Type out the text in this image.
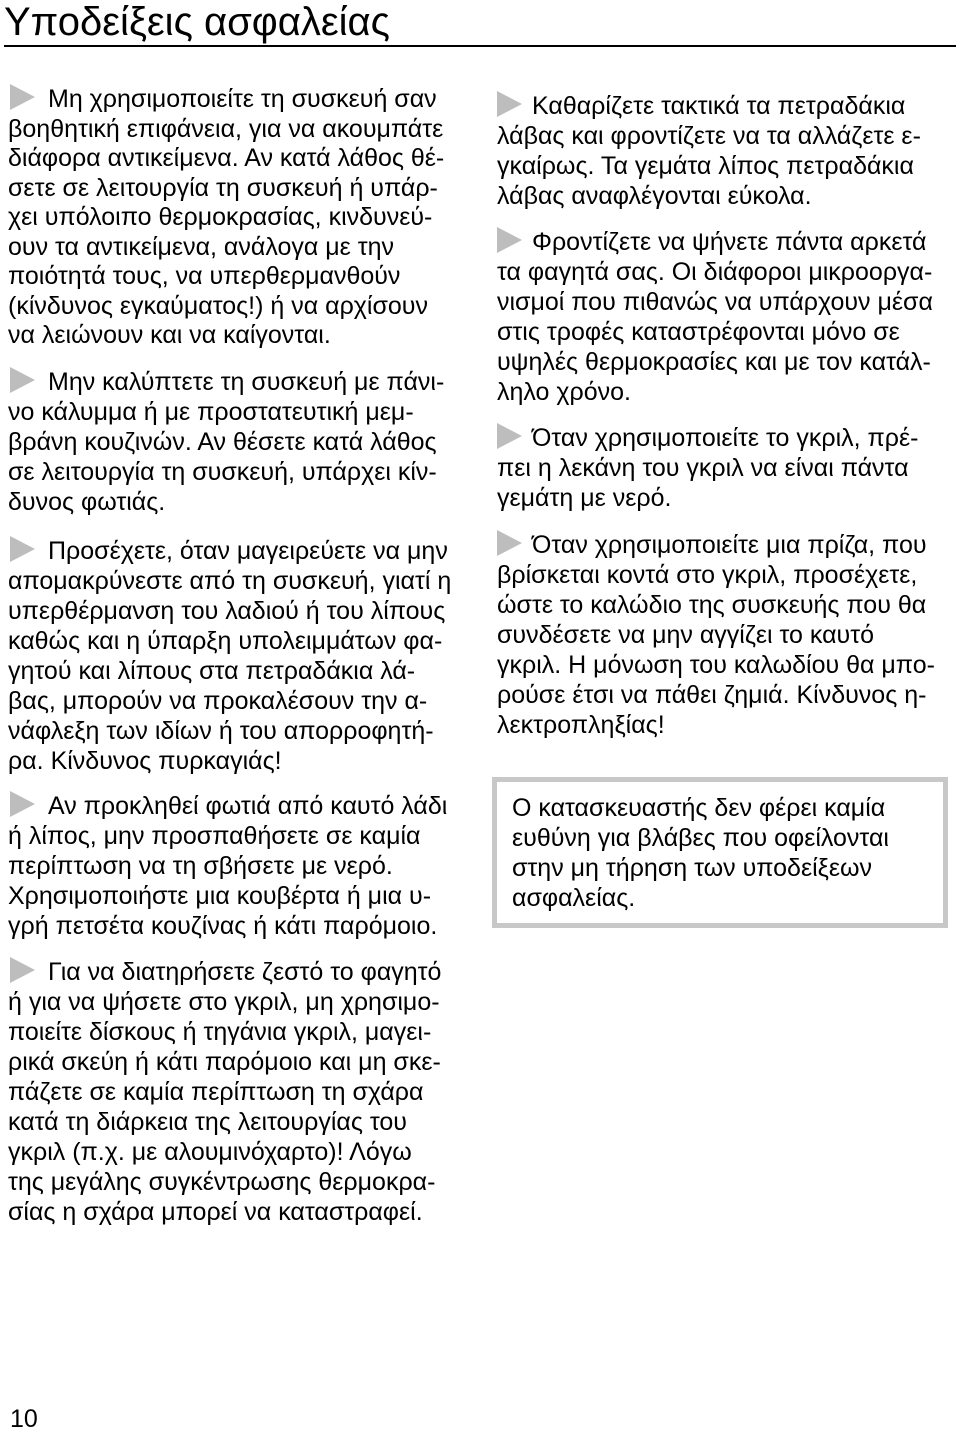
Υποδείξεις ασφαλείας
Μη χρησιμοποιείτε τη συσκευή σαν
βοηθητική επιφάνεια, για να ακουμπάτε
διάφορα αντικείμενα. Αν κατά λάθος θέ-
σετε σε λειτουργία τη συσκευή ή υπάρ-
χει υπόλοιπο θερμοκρασίας, κινδυνεύ-
ουν τα αντικείμενα, ανάλογα με την
ποιότητά τους, να υπερθερμανθούν
(κίνδυνος εγκαύματος!) ή να αρχίσουν
να λειώνουν και να καίγονται.
Μην καλύπτετε τη συσκευή με πάνι-
νο κάλυμμα ή με προστατευτική μεμ-
βράνη κουζινών. Αν θέσετε κατά λάθος
σε λειτουργία τη συσκευή, υπάρχει κίν-
δυνος φωτιάς.
Προσέχετε, όταν μαγειρεύετε να μην
απομακρύνεστε από τη συσκευή, γιατί η
υπερθέρμανση του λαδιού ή του λίπους
καθώς και η ύπαρξη υπολειμμάτων φα-
γητού και λίπους στα πετραδάκια λά-
βας, μπορούν να προκαλέσουν την α-
νάφλεξη των ιδίων ή του απορροφητή-
ρα. Κίνδυνος πυρκαγιάς!
Αν προκληθεί φωτιά από καυτό λάδι
ή λίπος, μην προσπαθήσετε σε καμία
περίπτωση να τη σβήσετε με νερό.
Χρησιμοποιήστε μια κουβέρτα ή μια υ-
γρή πετσέτα κουζίνας ή κάτι παρόμοιο.
Για να διατηρήσετε ζεστό το φαγητό
ή για να ψήσετε στο γκριλ, μη χρησιμο-
ποιείτε δίσκους ή τηγάνια γκριλ, μαγει-
ρικά σκεύη ή κάτι παρόμοιο και μη σκε-
πάζετε σε καμία περίπτωση τη σχάρα
κατά τη διάρκεια της λειτουργίας του
γκριλ (π.χ. με αλουμινόχαρτο)! Λόγω
της μεγάλης συγκέντρωσης θερμοκρα-
σίας η σχάρα μπορεί να καταστραφεί.
Καθαρίζετε τακτικά τα πετραδάκια
λάβας και φροντίζετε να τα αλλάζετε ε-
γκαίρως. Τα γεμάτα λίπος πετραδάκια
λάβας αναφλέγονται εύκολα.
Φροντίζετε να ψήνετε πάντα αρκετά
τα φαγητά σας. Οι διάφοροι μικροοργα-
νισμοί που πιθανώς να υπάρχουν μέσα
στις τροφές καταστρέφονται μόνο σε
υψηλές θερμοκρασίες και με τον κατάλ-
ληλο χρόνο.
Όταν χρησιμοποιείτε το γκριλ, πρέ-
πει η λεκάνη του γκριλ να είναι πάντα
γεμάτη με νερό.
Όταν χρησιμοποιείτε μια πρίζα, που
βρίσκεται κοντά στο γκριλ, προσέχετε,
ώστε το καλώδιο της συσκευής που θα
συνδέσετε να μην αγγίζει το καυτό
γκριλ. Η μόνωση του καλωδίου θα μπο-
ρούσε έτσι να πάθει ζημιά. Κίνδυνος η-
λεκτροπληξίας!
Ο κατασκευαστής δεν φέρει καμία
ευθύνη για βλάβες που οφείλονται
στην μη τήρηση των υποδείξεων
ασφαλείας.
10
